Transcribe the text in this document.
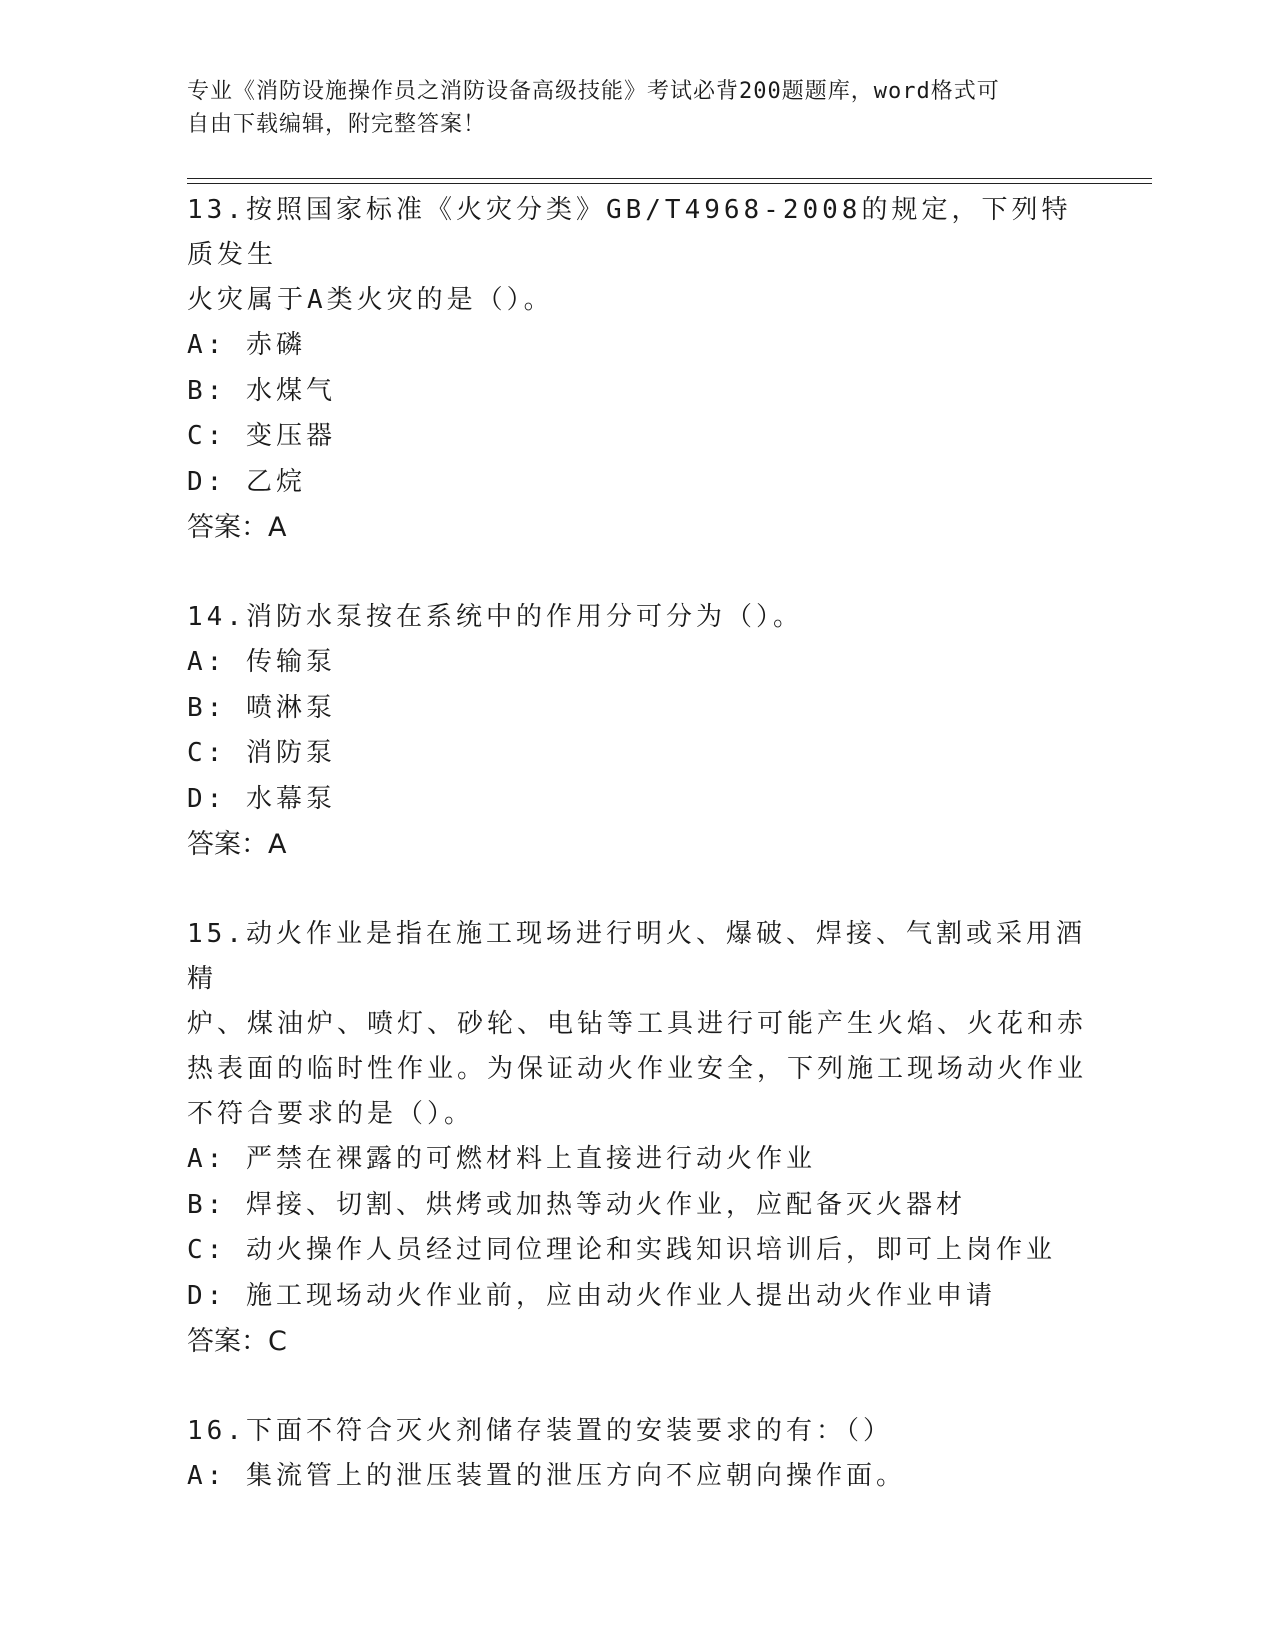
专业《消防设施操作员之消防设备高级技能》考试必背200题题库，word格式可
自由下载编辑，附完整答案！
13.按照国家标准《火灾分类》GB/T4968-2008的规定，下列特质发生
火灾属于A类火灾的是（）。
A: 赤磷
B: 水煤气
C: 变压器
D: 乙烷
答案：A
14.消防水泵按在系统中的作用分可分为（）。
A: 传输泵
B: 喷淋泵
C: 消防泵
D: 水幕泵
答案：A
15.动火作业是指在施工现场进行明火、爆破、焊接、气割或采用酒精
炉、煤油炉、喷灯、砂轮、电钻等工具进行可能产生火焰、火花和赤
热表面的临时性作业。为保证动火作业安全，下列施工现场动火作业
不符合要求的是（）。
A: 严禁在裸露的可燃材料上直接进行动火作业
B: 焊接、切割、烘烤或加热等动火作业，应配备灭火器材
C: 动火操作人员经过同位理论和实践知识培训后，即可上岗作业
D: 施工现场动火作业前，应由动火作业人提出动火作业申请
答案：C
16.下面不符合灭火剂储存装置的安装要求的有：（）
A: 集流管上的泄压装置的泄压方向不应朝向操作面。
